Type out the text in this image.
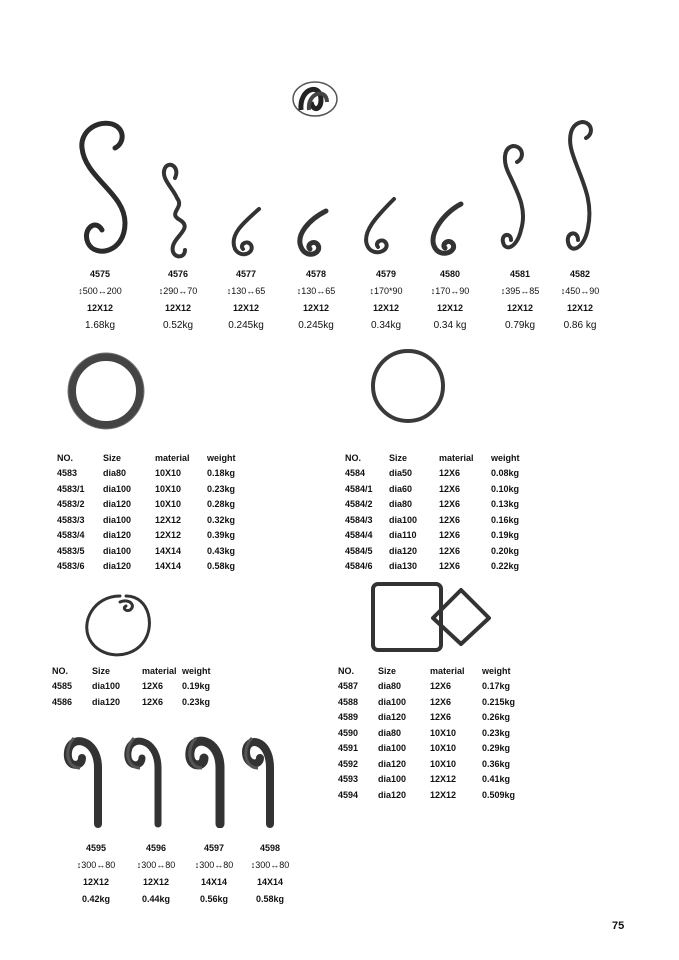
4575
↕500↔200
12X12
1.68kg
4576
↕290↔70
12X12
0.52kg
4577
↕130↔65
12X12
0.245kg
4578
↕130↔65
12X12
0.245kg
4579
↕170*90
12X12
0.34kg
4580
↕170↔90
12X12
0.34 kg
4581
↕395↔85
12X12
0.79kg
4582
↕450↔90
12X12
0.86 kg
NO.	Size	material	weight
4583	dia80	10X10	0.18kg
4583/1	dia100	10X10	0.23kg
4583/2	dia120	10X10	0.28kg
4583/3	dia100	12X12	0.32kg
4583/4	dia120	12X12	0.39kg
4583/5	dia100	14X14	0.43kg
4583/6	dia120	14X14	0.58kg
NO.	Size	material	weight
4584	dia50	12X6	0.08kg
4584/1	dia60	12X6	0.10kg
4584/2	dia80	12X6	0.13kg
4584/3	dia100	12X6	0.16kg
4584/4	dia110	12X6	0.19kg
4584/5	dia120	12X6	0.20kg
4584/6	dia130	12X6	0.22kg
NO.	Size	material	weight
4585	dia100	12X6	0.19kg
4586	dia120	12X6	0.23kg
NO.	Size	material	weight
4587	dia80	12X6	0.17kg
4588	dia100	12X6	0.215kg
4589	dia120	12X6	0.26kg
4590	dia80	10X10	0.23kg
4591	dia100	10X10	0.29kg
4592	dia120	10X10	0.36kg
4593	dia100	12X12	0.41kg
4594	dia120	12X12	0.509kg
4595
↕300↔80
12X12
0.42kg
4596
↕300↔80
12X12
0.44kg
4597
↕300↔80
14X14
0.56kg
4598
↕300↔80
14X14
0.58kg
75
